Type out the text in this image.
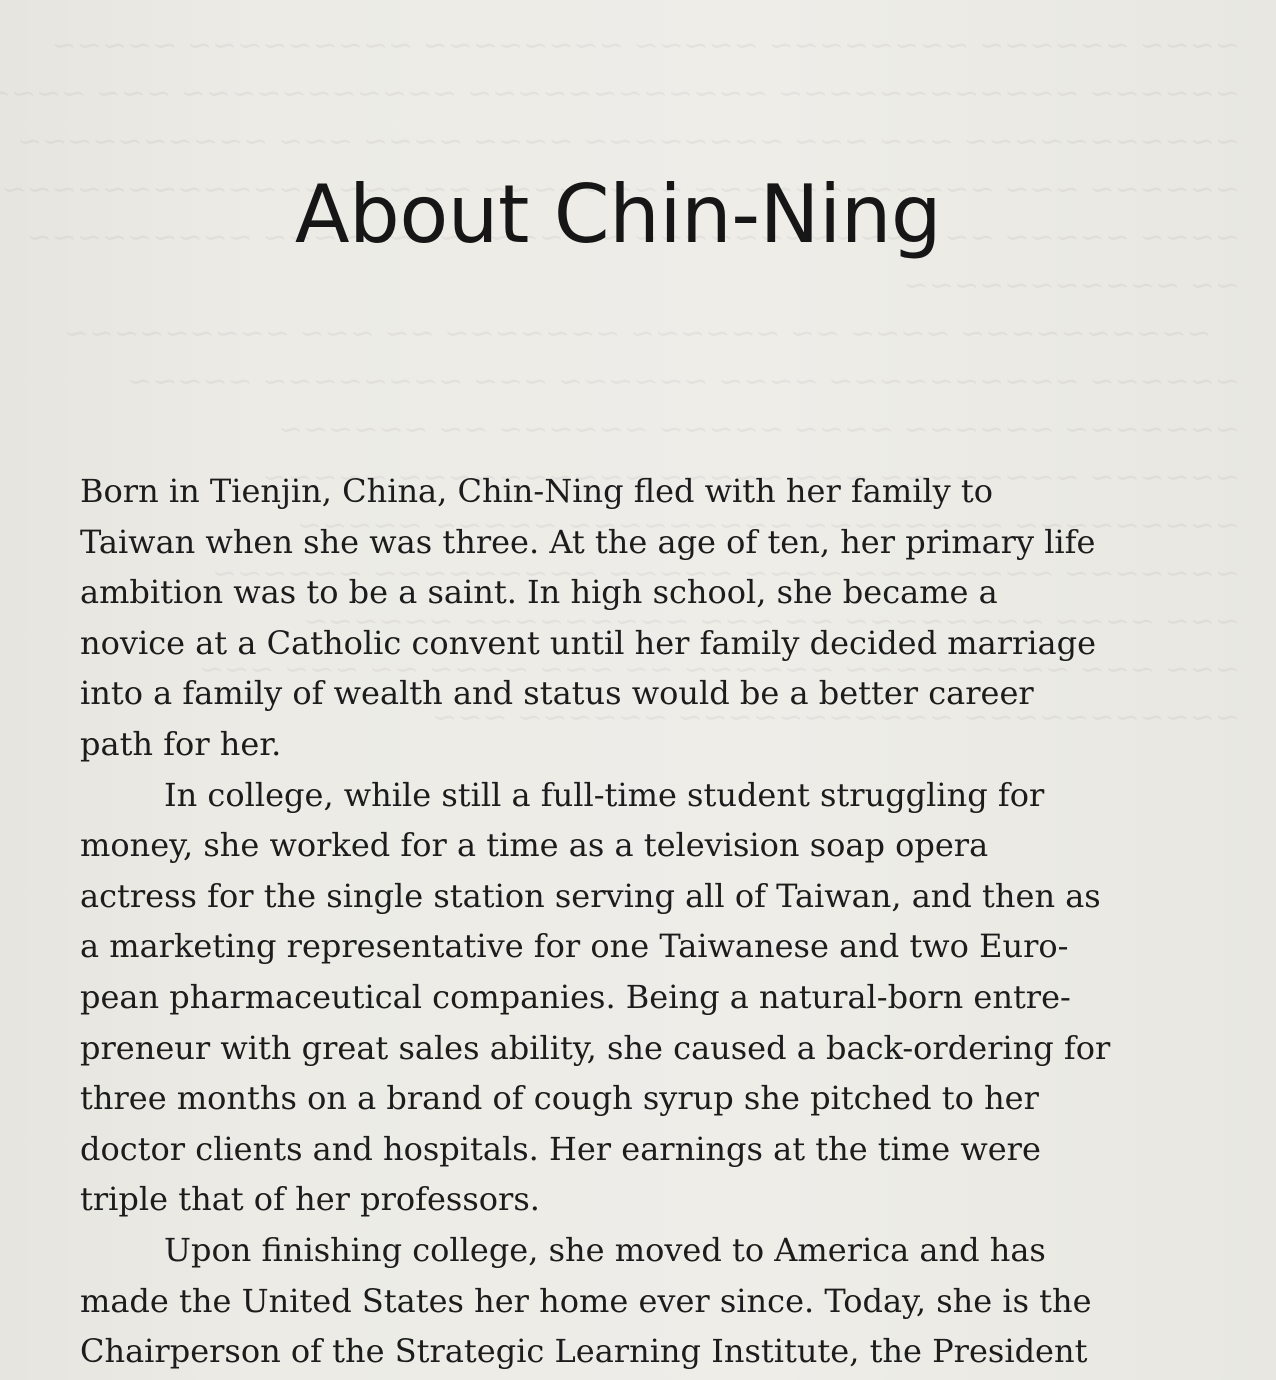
About Chin-Ning

Born in Tienjin, China, Chin-Ning fled with her family to
Taiwan when she was three. At the age of ten, her primary life
ambition was to be a saint. In high school, she became a
novice at a Catholic convent until her family decided marriage
into a family of wealth and status would be a better career
path for her.

In college, while still a full-time student struggling for
money, she worked for a time as a television soap opera
actress for the single station serving all of Taiwan, and then as
a marketing representative for one Taiwanese and two Euro-
pean pharmaceutical companies. Being a natural-born entre-
preneur with great sales ability, she caused a back-ordering for
three months on a brand of cough syrup she pitched to her
doctor clients and hospitals. Her earnings at the time were
triple that of her professors.

Upon finishing college, she moved to America and has
made the United States her home ever since. Today, she is the
Chairperson of the Strategic Learning Institute, the President
